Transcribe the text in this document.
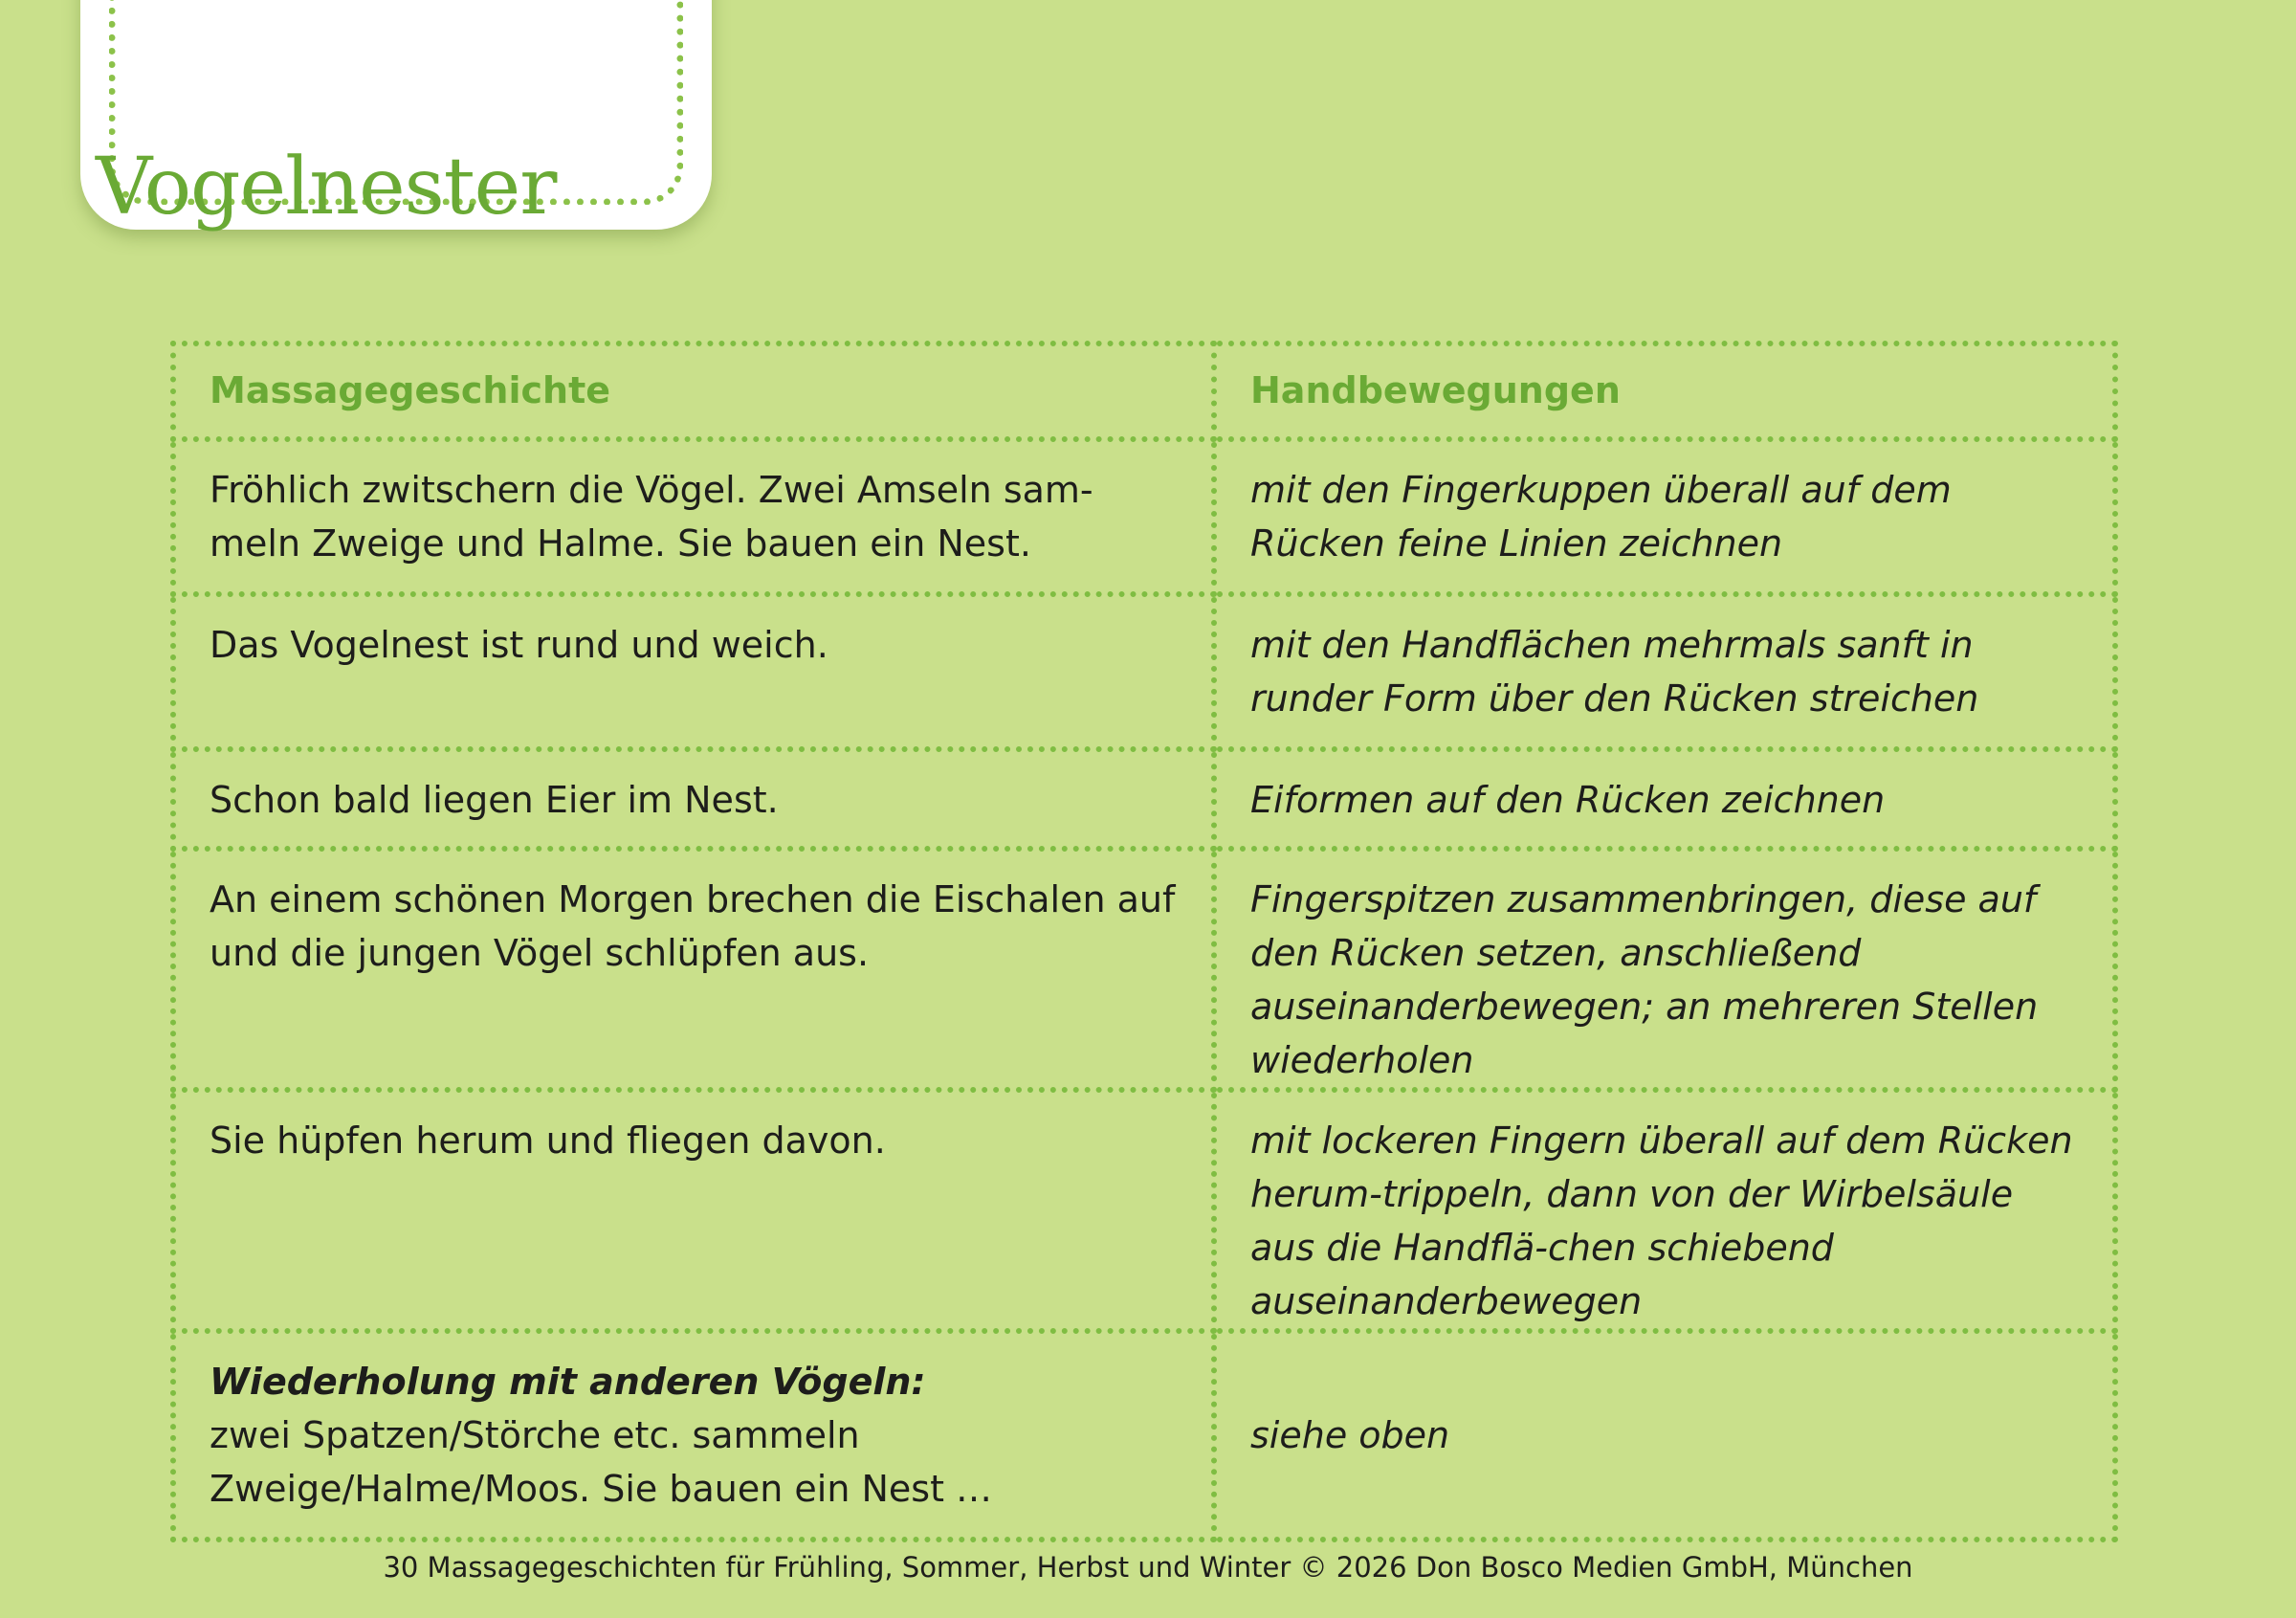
Vogelnester
Massagegeschichte	Handbewegungen
Fröhlich zwitschern die Vögel. Zwei Amseln sam-meln Zweige und Halme. Sie bauen ein Nest.	mit den Fingerkuppen überall auf dem Rücken feine Linien zeichnen
Das Vogelnest ist rund und weich.	mit den Handflächen mehrmals sanft in runder Form über den Rücken streichen
Schon bald liegen Eier im Nest.	Eiformen auf den Rücken zeichnen
An einem schönen Morgen brechen die Eischalen auf und die jungen Vögel schlüpfen aus.	Fingerspitzen zusammenbringen, diese auf den Rücken setzen, anschließend auseinanderbewegen; an mehreren Stellen wiederholen
Sie hüpfen herum und fliegen davon.	mit lockeren Fingern überall auf dem Rücken herum-trippeln, dann von der Wirbelsäule aus die Handflä-chen schiebend auseinanderbewegen

Wiederholung mit anderen Vögeln:
zwei Spatzen/Störche etc. sammeln Zweige/Halme/Moos. Sie bauen ein Nest …	siehe oben
30 Massagegeschichten für Frühling, Sommer, Herbst und Winter © 2026 Don Bosco Medien GmbH, München
